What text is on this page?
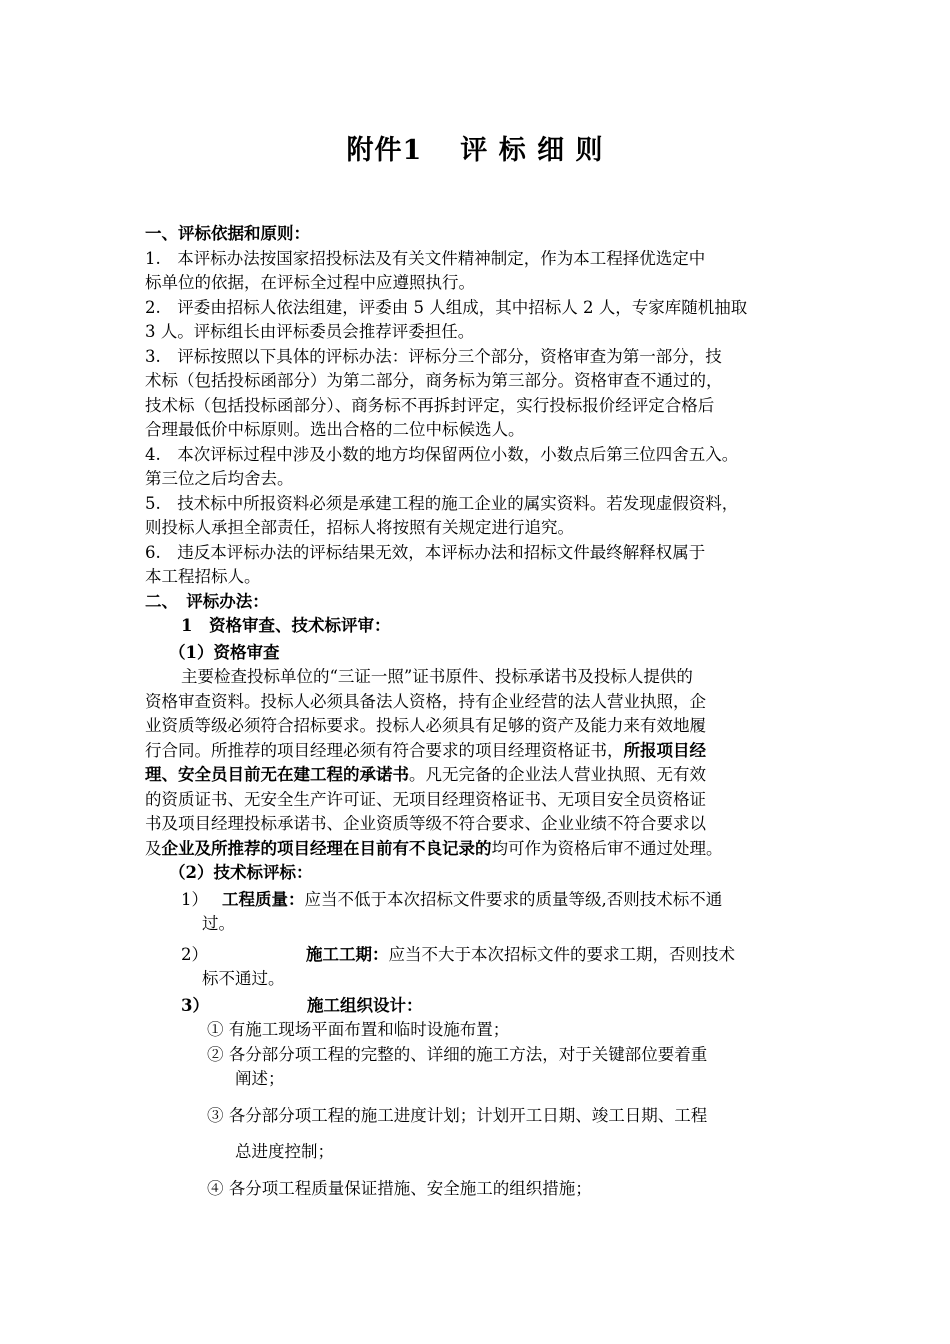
附件1 评 标 细 则
一、评标依据和原则：
1.　本评标办法按国家招投标法及有关文件精神制定，作为本工程择优选定中
标单位的依据，在评标全过程中应遵照执行。
2.　评委由招标人依法组建，评委由 5 人组成，其中招标人 2 人，专家库随机抽取
3 人。评标组长由评标委员会推荐评委担任。
3.　评标按照以下具体的评标办法：评标分三个部分，资格审查为第一部分，技
术标（包括投标函部分）为第二部分，商务标为第三部分。资格审查不通过的，
技术标（包括投标函部分）、商务标不再拆封评定，实行投标报价经评定合格后
合理最低价中标原则。选出合格的二位中标候选人。
4.　本次评标过程中涉及小数的地方均保留两位小数，小数点后第三位四舍五入。
第三位之后均舍去。
5.　技术标中所报资料必须是承建工程的施工企业的属实资料。若发现虚假资料，
则投标人承担全部责任，招标人将按照有关规定进行追究。
6.　违反本评标办法的评标结果无效，本评标办法和招标文件最终解释权属于
本工程招标人。
二、　评标办法：
1　资格审查、技术标评审：
（1）资格审查
主要检查投标单位的“三证一照”证书原件、投标承诺书及投标人提供的
资格审查资料。投标人必须具备法人资格，持有企业经营的法人营业执照，企
业资质等级必须符合招标要求。投标人必须具有足够的资产及能力来有效地履
行合同。所推荐的项目经理必须有符合要求的项目经理资格证书，所报项目经
理、安全员目前无在建工程的承诺书。凡无完备的企业法人营业执照、无有效
的资质证书、无安全生产许可证、无项目经理资格证书、无项目安全员资格证
书及项目经理投标承诺书、企业资质等级不符合要求、企业业绩不符合要求以
及企业及所推荐的项目经理在目前有不良记录的均可作为资格后审不通过处理。
（2）技术标评标：
1） 工程质量：应当不低于本次招标文件要求的质量等级,否则技术标不通
过。
2）	施工工期：应当不大于本次招标文件的要求工期，否则技术
标不通过。
3）	施工组织设计：
① 有施工现场平面布置和临时设施布置；
② 各分部分项工程的完整的、详细的施工方法，对于关键部位要着重
阐述；
③ 各分部分项工程的施工进度计划；计划开工日期、竣工日期、工程
总进度控制；
④ 各分项工程质量保证措施、安全施工的组织措施；
